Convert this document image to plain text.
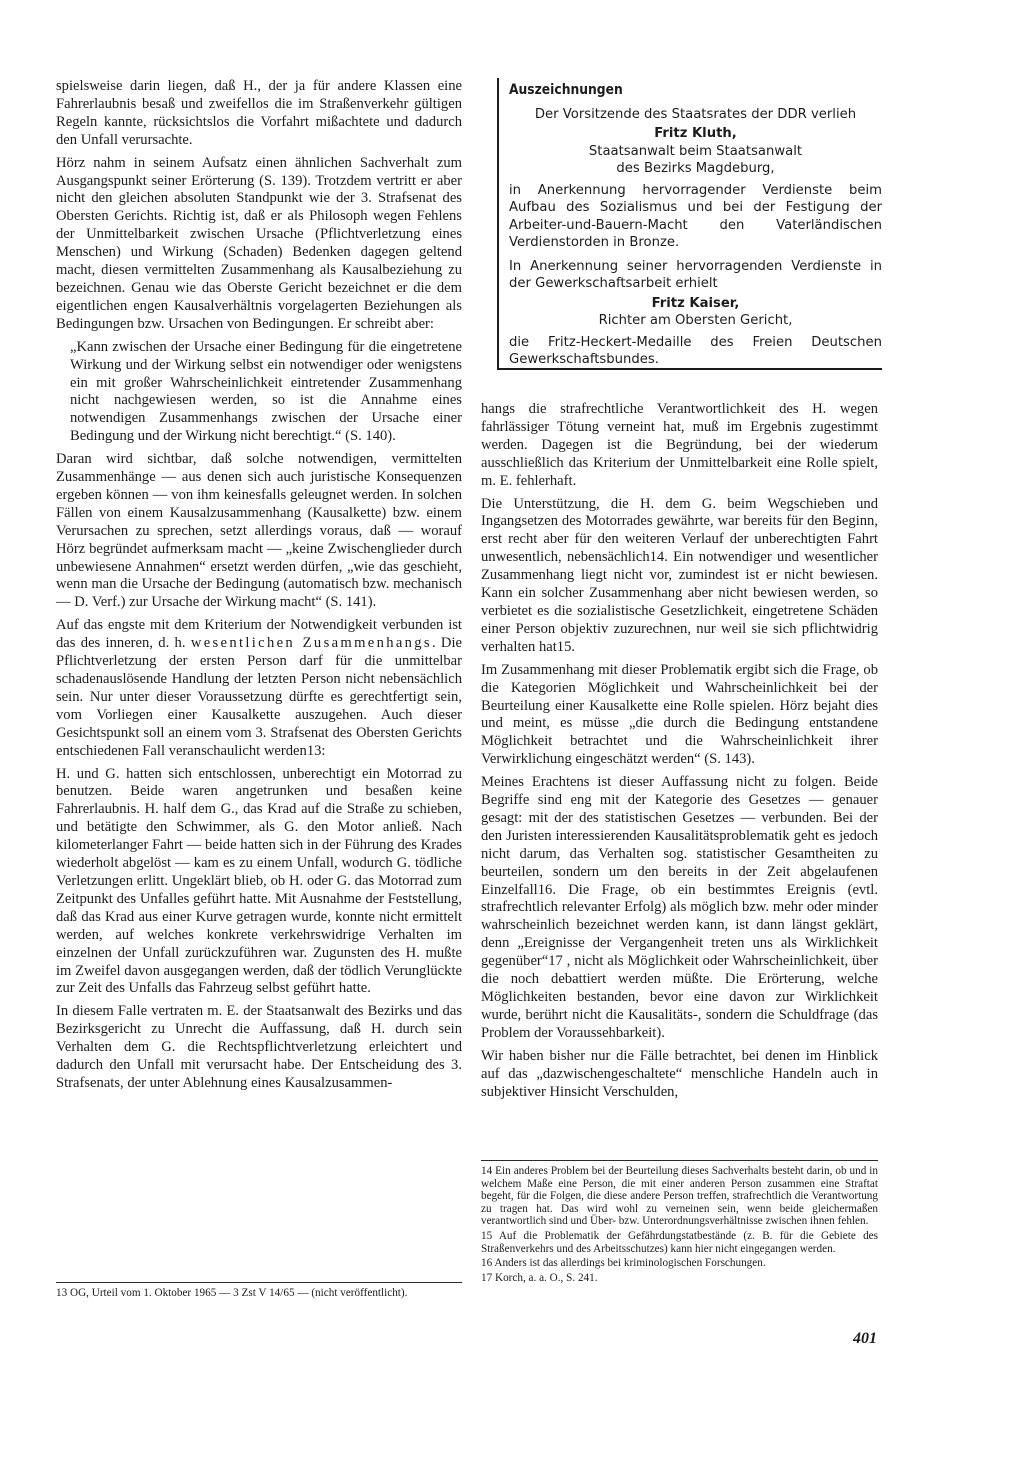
spielsweise darin liegen, daß H., der ja für andere Klassen eine Fahrerlaubnis besaß und zweifellos die im Straßenverkehr gültigen Regeln kannte, rücksichtslos die Vorfahrt mißachtete und dadurch den Unfall verursachte.

Hörz nahm in seinem Aufsatz einen ähnlichen Sachverhalt zum Ausgangspunkt seiner Erörterung (S. 139). Trotzdem vertritt er aber nicht den gleichen absoluten Standpunkt wie der 3. Strafsenat des Obersten Gerichts. Richtig ist, daß er als Philosoph wegen Fehlens der Unmittelbarkeit zwischen Ursache (Pflichtverletzung eines Menschen) und Wirkung (Schaden) Bedenken dagegen geltend macht, diesen vermittelten Zusammenhang als Kausalbeziehung zu bezeichnen. Genau wie das Oberste Gericht bezeichnet er die dem eigentlichen engen Kausalverhältnis vorgelagerten Beziehungen als Bedingungen bzw. Ursachen von Bedingungen. Er schreibt aber:

„Kann zwischen der Ursache einer Bedingung für die eingetretene Wirkung und der Wirkung selbst ein notwendiger oder wenigstens ein mit großer Wahrscheinlichkeit eintretender Zusammenhang nicht nachgewiesen werden, so ist die Annahme eines notwendigen Zusammenhangs zwischen der Ursache einer Bedingung und der Wirkung nicht berechtigt.“ (S. 140).

Daran wird sichtbar, daß solche notwendigen, vermittelten Zusammenhänge — aus denen sich auch juristische Konsequenzen ergeben können — von ihm keinesfalls geleugnet werden. In solchen Fällen von einem Kausalzusammenhang (Kausalkette) bzw. einem Verursachen zu sprechen, setzt allerdings voraus, daß — worauf Hörz begründet aufmerksam macht — „keine Zwischenglieder durch unbewiesene Annahmen“ ersetzt werden dürfen, „wie das geschieht, wenn man die Ursache der Bedingung (automatisch bzw. mechanisch — D. Verf.) zur Ursache der Wirkung macht“ (S. 141).

Auf das engste mit dem Kriterium der Notwendigkeit verbunden ist das des inneren, d. h. wesentlichen Zusammenhangs. Die Pflichtverletzung der ersten Person darf für die unmittelbar schadenauslösende Handlung der letzten Person nicht nebensächlich sein. Nur unter dieser Voraussetzung dürfte es gerechtfertigt sein, vom Vorliegen einer Kausalkette auszugehen. Auch dieser Gesichtspunkt soll an einem vom 3. Strafsenat des Obersten Gerichts entschiedenen Fall veranschaulicht werden13:

H. und G. hatten sich entschlossen, unberechtigt ein Motorrad zu benutzen. Beide waren angetrunken und besaßen keine Fahrerlaubnis. H. half dem G., das Krad auf die Straße zu schieben, und betätigte den Schwimmer, als G. den Motor anließ. Nach kilometerlanger Fahrt — beide hatten sich in der Führung des Krades wiederholt abgelöst — kam es zu einem Unfall, wodurch G. tödliche Verletzungen erlitt. Ungeklärt blieb, ob H. oder G. das Motorrad zum Zeitpunkt des Unfalles geführt hatte. Mit Ausnahme der Feststellung, daß das Krad aus einer Kurve getragen wurde, konnte nicht ermittelt werden, auf welches konkrete verkehrswidrige Verhalten im einzelnen der Unfall zurückzuführen war. Zugunsten des H. mußte im Zweifel davon ausgegangen werden, daß der tödlich Verunglückte zur Zeit des Unfalls das Fahrzeug selbst geführt hatte.

In diesem Falle vertraten m. E. der Staatsanwalt des Bezirks und das Bezirksgericht zu Unrecht die Auffassung, daß H. durch sein Verhalten dem G. die Rechtspflichtverletzung erleichtert und dadurch den Unfall mit verursacht habe. Der Entscheidung des 3. Strafsenats, der unter Ablehnung eines Kausalzusammen-

13 OG, Urteil vom 1. Oktober 1965 — 3 Zst V 14/65 — (nicht veröffentlicht).

Auszeichnungen

Der Vorsitzende des Staatsrates der DDR verlieh

Fritz Kluth,

Staatsanwalt beim Staatsanwalt

des Bezirks Magdeburg,

in Anerkennung hervorragender Verdienste beim Aufbau des Sozialismus und bei der Festigung der Arbeiter-und-Bauern-Macht den Vaterländischen Verdienstorden in Bronze.

In Anerkennung seiner hervorragenden Verdienste in der Gewerkschaftsarbeit erhielt

Fritz Kaiser,

Richter am Obersten Gericht,

die Fritz-Heckert-Medaille des Freien Deutschen Gewerkschaftsbundes.

hangs die strafrechtliche Verantwortlichkeit des H. wegen fahrlässiger Tötung verneint hat, muß im Ergebnis zugestimmt werden. Dagegen ist die Begründung, bei der wiederum ausschließlich das Kriterium der Unmittelbarkeit eine Rolle spielt, m. E. fehlerhaft.

Die Unterstützung, die H. dem G. beim Wegschieben und Ingangsetzen des Motorrades gewährte, war bereits für den Beginn, erst recht aber für den weiteren Verlauf der unberechtigten Fahrt unwesentlich, nebensächlich14. Ein notwendiger und wesentlicher Zusammenhang liegt nicht vor, zumindest ist er nicht bewiesen. Kann ein solcher Zusammenhang aber nicht bewiesen werden, so verbietet es die sozialistische Gesetzlichkeit, eingetretene Schäden einer Person objektiv zuzurechnen, nur weil sie sich pflichtwidrig verhalten hat15.

Im Zusammenhang mit dieser Problematik ergibt sich die Frage, ob die Kategorien Möglichkeit und Wahrscheinlichkeit bei der Beurteilung einer Kausalkette eine Rolle spielen. Hörz bejaht dies und meint, es müsse „die durch die Bedingung entstandene Möglichkeit betrachtet und die Wahrscheinlichkeit ihrer Verwirklichung eingeschätzt werden“ (S. 143).

Meines Erachtens ist dieser Auffassung nicht zu folgen. Beide Begriffe sind eng mit der Kategorie des Gesetzes — genauer gesagt: mit der des statistischen Gesetzes — verbunden. Bei der den Juristen interessierenden Kausalitätsproblematik geht es jedoch nicht darum, das Verhalten sog. statistischer Gesamtheiten zu beurteilen, sondern um den bereits in der Zeit abgelaufenen Einzelfall16. Die Frage, ob ein bestimmtes Ereignis (evtl. strafrechtlich relevanter Erfolg) als möglich bzw. mehr oder minder wahrscheinlich bezeichnet werden kann, ist dann längst geklärt, denn „Ereignisse der Vergangenheit treten uns als Wirklichkeit gegenüber“17 , nicht als Möglichkeit oder Wahrscheinlichkeit, über die noch debattiert werden müßte. Die Erörterung, welche Möglichkeiten bestanden, bevor eine davon zur Wirklichkeit wurde, berührt nicht die Kausalitäts-, sondern die Schuldfrage (das Problem der Voraussehbarkeit).

Wir haben bisher nur die Fälle betrachtet, bei denen im Hinblick auf das „dazwischengeschaltete“ menschliche Handeln auch in subjektiver Hinsicht Verschulden,

14 Ein anderes Problem bei der Beurteilung dieses Sachverhalts besteht darin, ob und in welchem Maße eine Person, die mit einer anderen Person zusammen eine Straftat begeht, für die Folgen, die diese andere Person treffen, strafrechtlich die Verantwortung zu tragen hat. Das wird wohl zu verneinen sein, wenn beide gleichermaßen verantwortlich sind und Über- bzw. Unterordnungsverhältnisse zwischen ihnen fehlen.

15 Auf die Problematik der Gefährdungstatbestände (z. B. für die Gebiete des Straßenverkehrs und des Arbeitsschutzes) kann hier nicht eingegangen werden.

16 Anders ist das allerdings bei kriminologischen Forschungen.

17 Korch, a. a. O., S. 241.

401
